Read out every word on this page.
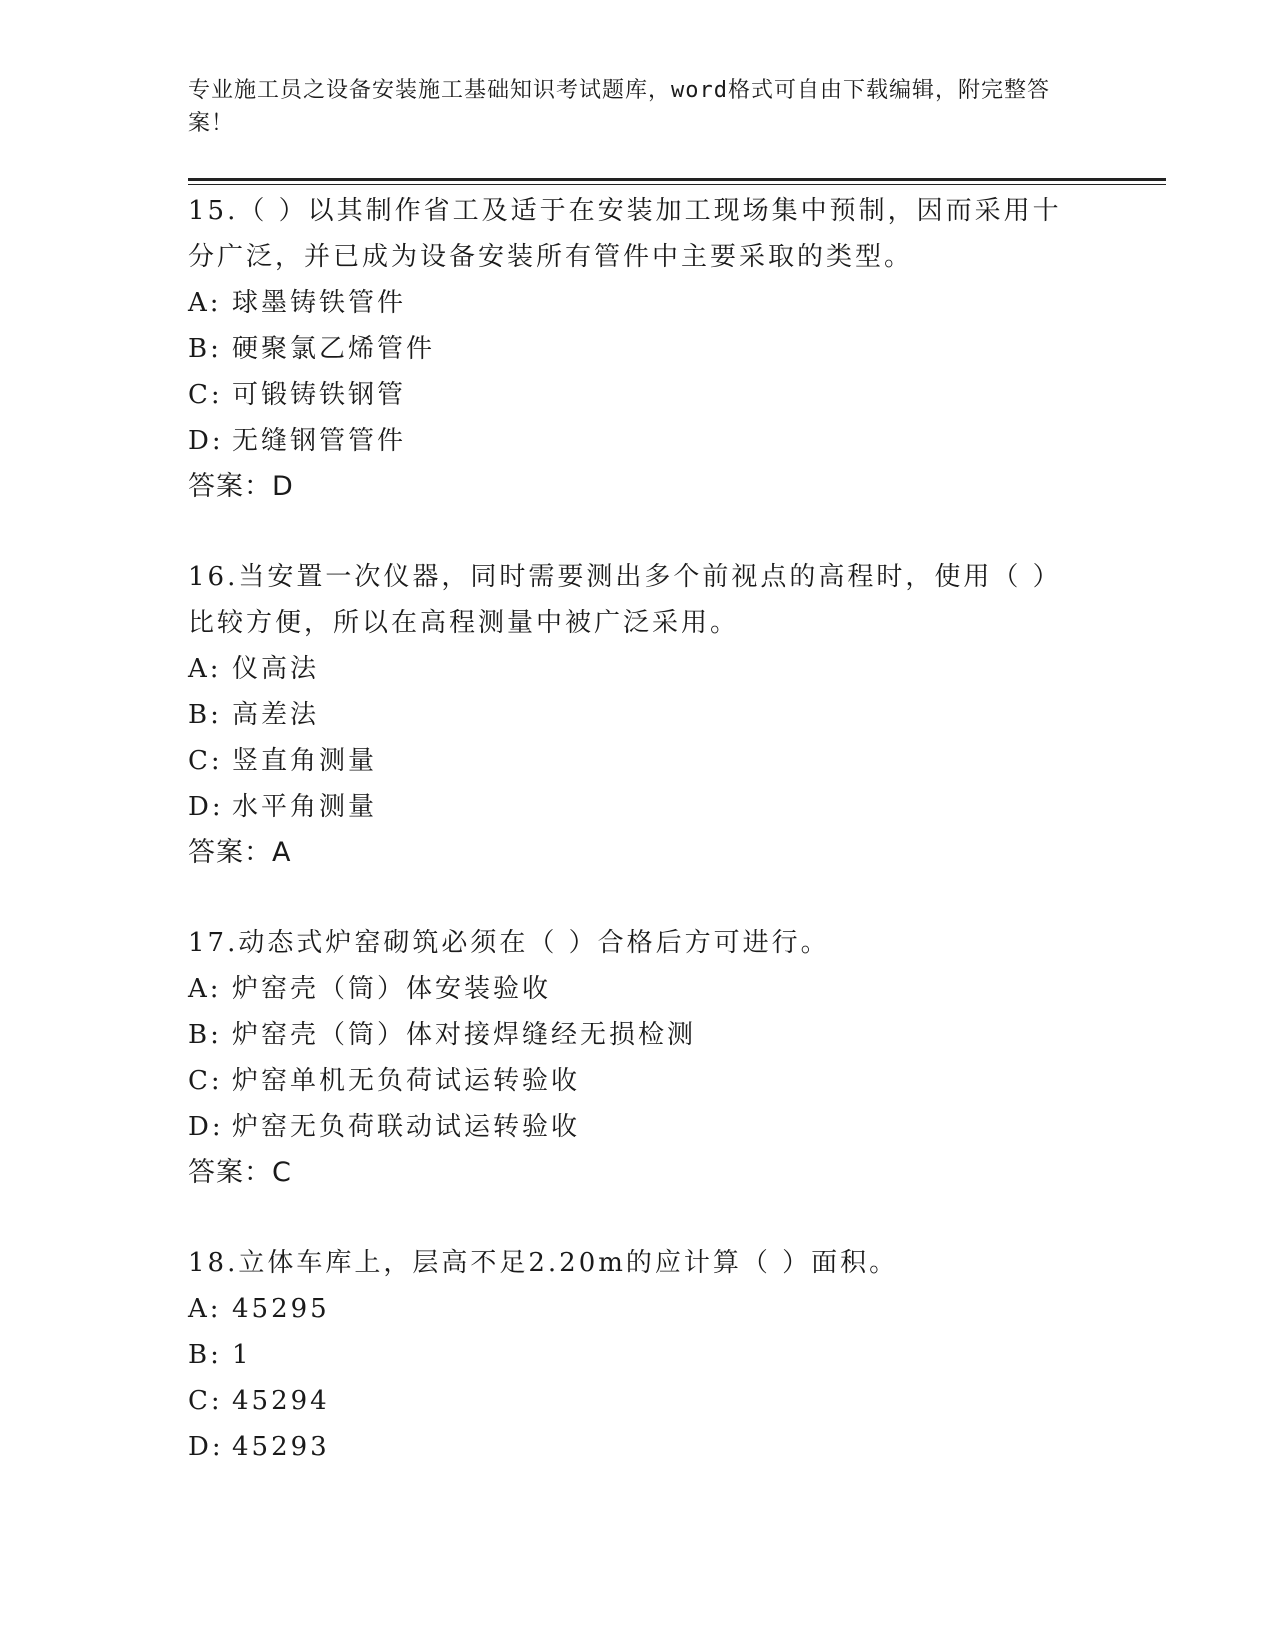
专业施工员之设备安装施工基础知识考试题库，word格式可自由下载编辑，附完整答案！
15.（ ）以其制作省工及适于在安装加工现场集中预制，因而采用十分广泛，并已成为设备安装所有管件中主要采取的类型。
A: 球墨铸铁管件
B: 硬聚氯乙烯管件
C: 可锻铸铁钢管
D: 无缝钢管管件
答案：D
16.当安置一次仪器，同时需要测出多个前视点的高程时，使用（ ）比较方便，所以在高程测量中被广泛采用。
A: 仪高法
B: 高差法
C: 竖直角测量
D: 水平角测量
答案：A
17.动态式炉窑砌筑必须在（ ）合格后方可进行。
A: 炉窑壳（筒）体安装验收
B: 炉窑壳（筒）体对接焊缝经无损检测
C: 炉窑单机无负荷试运转验收
D: 炉窑无负荷联动试运转验收
答案：C
18.立体车库上，层高不足2.20m的应计算（ ）面积。
A: 45295
B: 1
C: 45294
D: 45293
